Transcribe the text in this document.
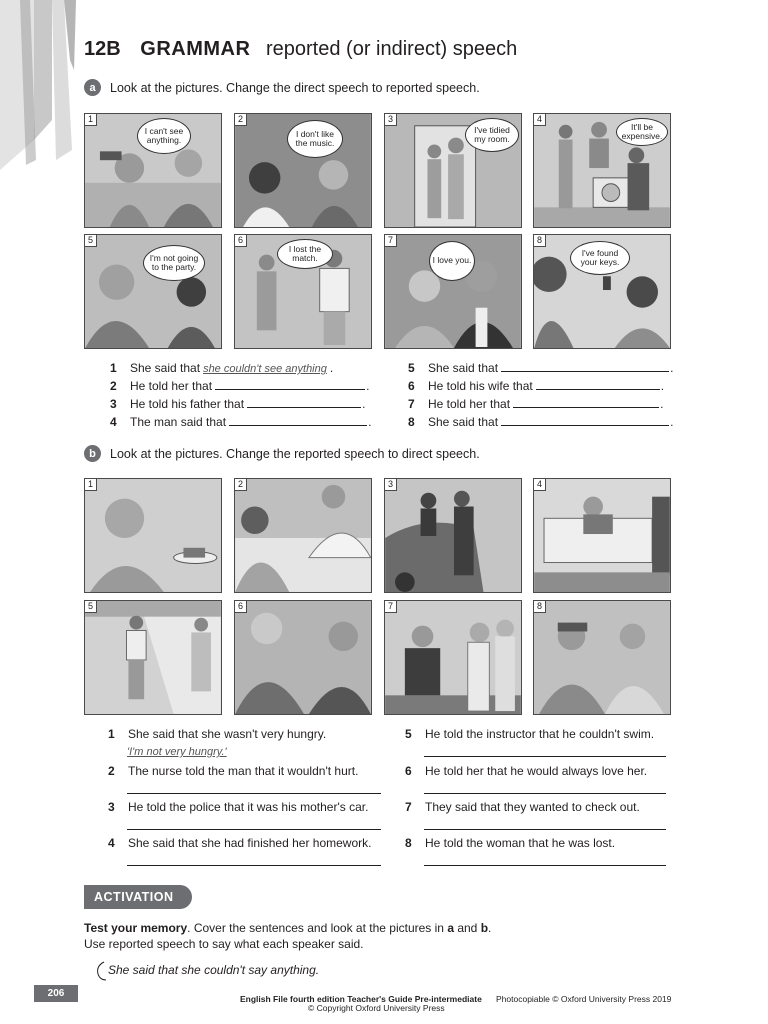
12B GRAMMAR reported (or indirect) speech
a	Look at the pictures. Change the direct speech to reported speech.
1
I can't see anything.
2
I don't like the music.
3
I've tidied my room.
4
It'll be expensive.
5
I'm not going to the party.
6
I lost the match.
7
I love you.
8
I've found your keys.
1	She said that she couldn't see anything .
2	He told her that	.
3	He told his father that	.
4	The man said that	.
5	She said that	.
6	He told his wife that	.
7	He told her that	.
8	She said that	.
b	Look at the pictures. Change the reported speech to direct speech.
1	2	3	4
5	6	7	8
1	She said that she wasn't very hungry.
'I'm not very hungry.'
2	The nurse told the man that it wouldn't hurt.
3	He told the police that it was his mother's car.
4	She said that she had finished her homework.
5	He told the instructor that he couldn't swim.
6	He told her that he would always love her.
7	They said that they wanted to check out.
8	He told the woman that he was lost.
ACTIVATION
Test your memory. Cover the sentences and look at the pictures in a and b.
Use reported speech to say what each speaker said.
She said that she couldn't say anything.
206	English File fourth edition Teacher's Guide Pre-intermediate Photocopiable © Oxford University Press 2019
© Copyright Oxford University Press
